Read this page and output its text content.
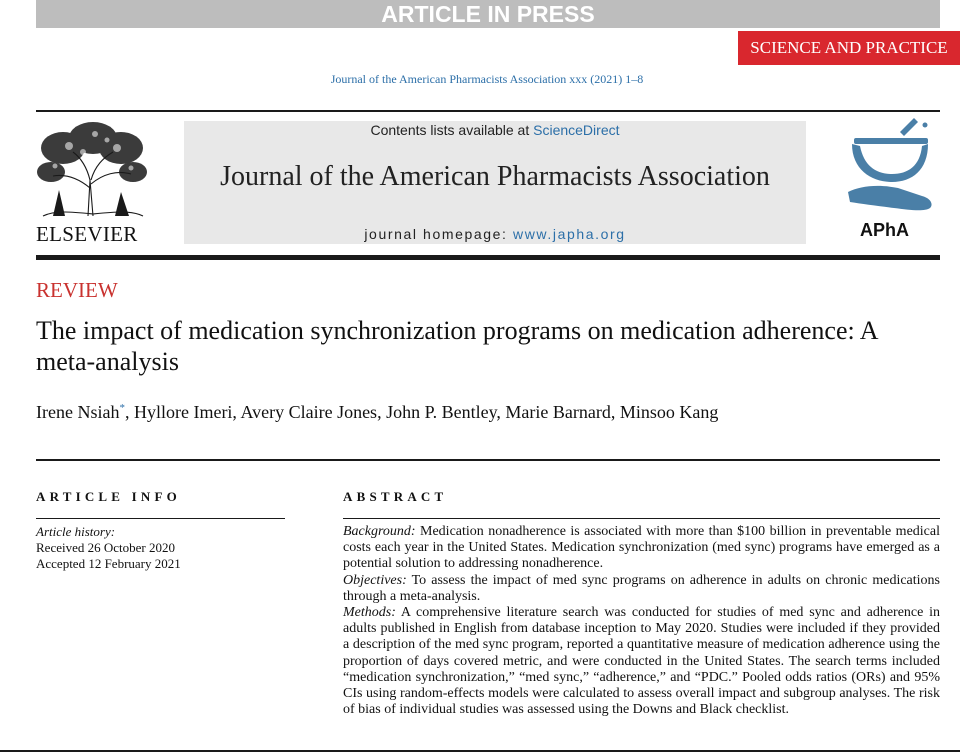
ARTICLE IN PRESS
SCIENCE AND PRACTICE
Journal of the American Pharmacists Association xxx (2021) 1–8
ELSEVIER
Contents lists available at ScienceDirect
Journal of the American Pharmacists Association
journal homepage: www.japha.org	APhA
REVIEW
The impact of medication synchronization programs on medication adherence: A meta-analysis
Irene Nsiah*, Hyllore Imeri, Avery Claire Jones, John P. Bentley, Marie Barnard, Minsoo Kang
ARTICLE INFO	ABSTRACT
Article history:
Received 26 October 2020
Accepted 12 February 2021

Background: Medication nonadherence is associated with more than $100 billion in preventable medical costs each year in the United States. Medication synchronization (med sync) programs have emerged as a potential solution to addressing nonadherence.

Objectives: To assess the impact of med sync programs on adherence in adults on chronic medications through a meta-analysis.

Methods: A comprehensive literature search was conducted for studies of med sync and adherence in adults published in English from database inception to May 2020. Studies were included if they provided a description of the med sync program, reported a quantitative measure of medication adherence using the proportion of days covered metric, and were conducted in the United States. The search terms included “medication synchronization,” “med sync,” “adherence,” and “PDC.” Pooled odds ratios (ORs) and 95% CIs using random-effects models were calculated to assess overall impact and subgroup analyses. The risk of bias of individual studies was assessed using the Downs and Black checklist.
